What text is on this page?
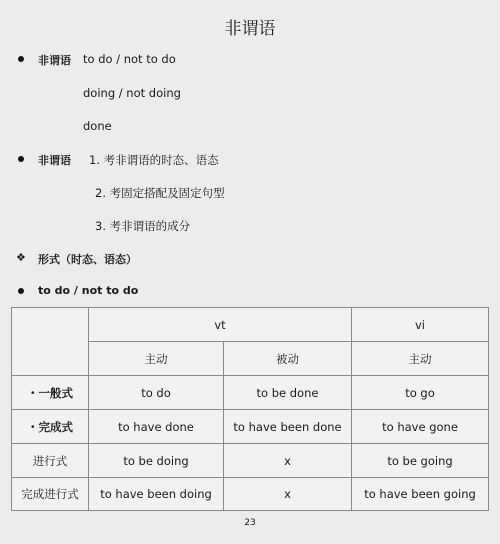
非谓语
非谓语 to do / not to do
doing / not doing
done
非谓语 1. 考非谓语的时态、语态
2. 考固定搭配及固定句型
3. 考非谓语的成分
❖ 形式（时态、语态）
to do / not to do
	vt		vi
	主动	被动	主动
・一般式	to do	to be done	to go
・完成式	to have done	to have been done	to have gone
进行式	to be doing	x	to be going
完成进行式	to have been doing	x	to have been going
23
